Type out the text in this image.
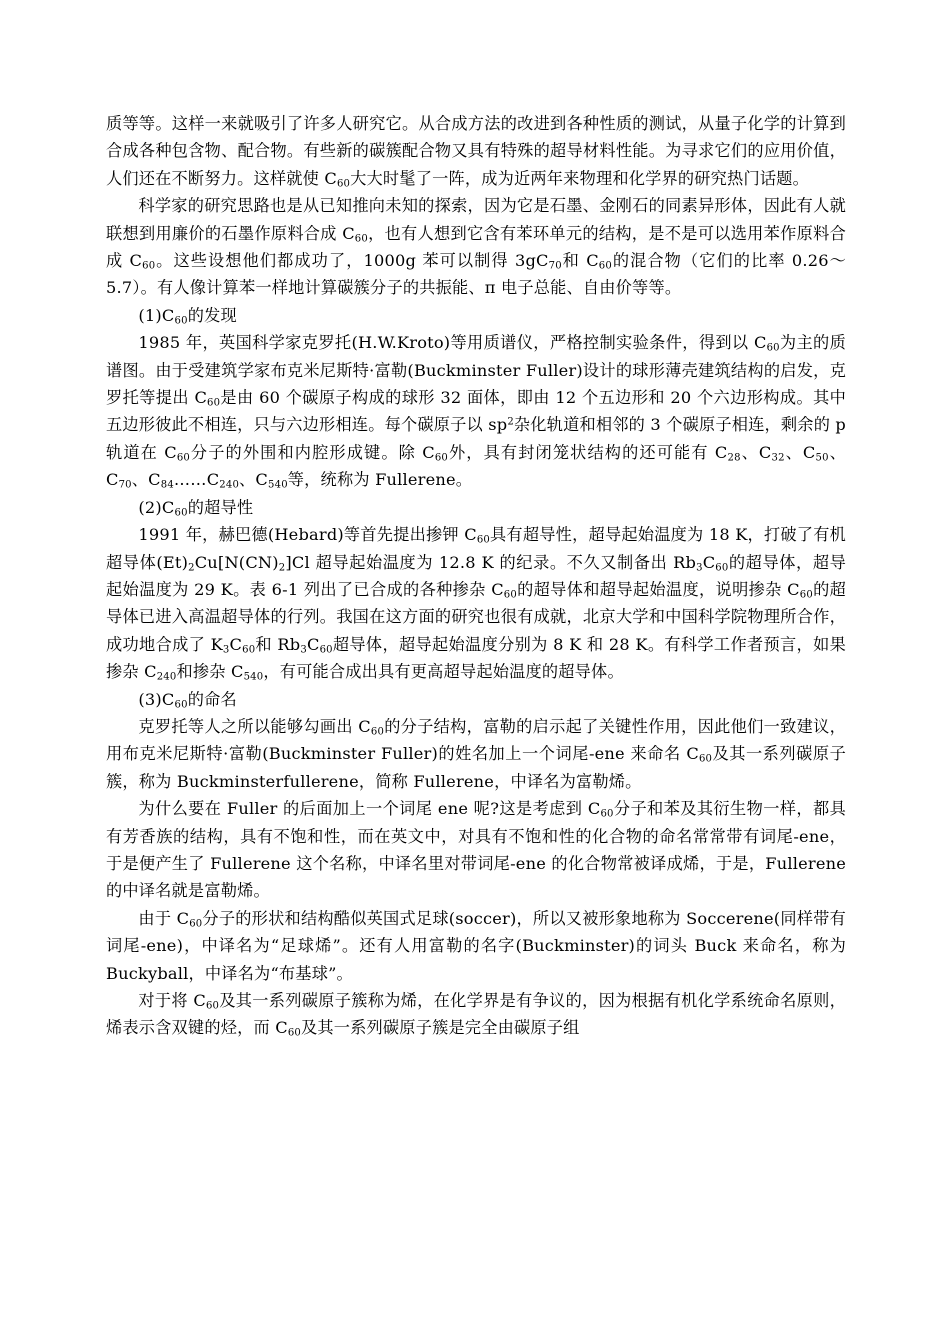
质等等。这样一来就吸引了许多人研究它。从合成方法的改进到各种性质的测试，从量子化学的计算到合成各种包含物、配合物。有些新的碳簇配合物又具有特殊的超导材料性能。为寻求它们的应用价值，人们还在不断努力。这样就使 $C_{60}$大大时髦了一阵，成为近两年来物理和化学界的研究热门话题。

科学家的研究思路也是从已知推向未知的探索，因为它是石墨、金刚石的同素异形体，因此有人就联想到用廉价的石墨作原料合成 $C_{60}$，也有人想到它含有苯环单元的结构，是不是可以选用苯作原料合成 $C_{60}$。这些设想他们都成功了，1000g 苯可以制得 $3gC_{70}$和 $C_{60}$的混合物（它们的比率 0.26～5.7）。有人像计算苯一样地计算碳簇分子的共振能、π 电子总能、自由价等等。

$(1)C_{60}$的发现

1985 年，英国科学家克罗托(H.W.Kroto)等用质谱仪，严格控制实验条件，得到以 $C_{60}$为主的质谱图。由于受建筑学家布克米尼斯特·富勒(Buckminster Fuller)设计的球形薄壳建筑结构的启发，克罗托等提出 $C_{60}$是由 60 个碳原子构成的球形 32 面体，即由 12 个五边形和 20 个六边形构成。其中五边形彼此不相连，只与六边形相连。每个碳原子以 $sp^2$杂化轨道和相邻的 3 个碳原子相连，剩余的 p 轨道在 $C_{60}$分子的外围和内腔形成键。除 $C_{60}$外，具有封闭笼状结构的还可能有 $C_{28}$、$C_{32}$、$C_{50}$、$C_{70}$、$C_{84}\dots\dots C_{240}$、$C_{540}$等，统称为 Fullerene。

$(2)C_{60}$的超导性

1991 年，赫巴德(Hebard)等首先提出掺钾 $C_{60}$具有超导性，超导起始温度为 18 K，打破了有机超导体$(Et)_2Cu[N(CN)_2]Cl$ 超导起始温度为 12.8 K 的纪录。不久又制备出 $Rb_3C_{60}$的超导体，超导起始温度为 29 K。表 6-1 列出了已合成的各种掺杂 $C_{60}$的超导体和超导起始温度，说明掺杂 $C_{60}$的超导体已进入高温超导体的行列。我国在这方面的研究也很有成就，北京大学和中国科学院物理所合作，成功地合成了 $K_3C_{60}$和 $Rb_3C_{60}$超导体，超导起始温度分别为 8 K 和 28 K。有科学工作者预言，如果掺杂 $C_{240}$和掺杂 $C_{540}$，有可能合成出具有更高超导起始温度的超导体。

$(3)C_{60}$的命名

克罗托等人之所以能够勾画出 $C_{60}$的分子结构，富勒的启示起了关键性作用，因此他们一致建议，用布克米尼斯特·富勒(Buckminster Fuller)的姓名加上一个词尾-ene 来命名 $C_{60}$及其一系列碳原子簇，称为 Buckminsterfullerene，简称 Fullerene，中译名为富勒烯。

为什么要在 Fuller 的后面加上一个词尾 ene 呢?这是考虑到 $C_{60}$分子和苯及其衍生物一样，都具有芳香族的结构，具有不饱和性，而在英文中，对具有不饱和性的化合物的命名常常带有词尾-ene，于是便产生了 Fullerene 这个名称，中译名里对带词尾-ene 的化合物常被译成烯，于是，Fullerene 的中译名就是富勒烯。

由于 $C_{60}$分子的形状和结构酷似英国式足球(soccer)，所以又被形象地称为 Soccerene(同样带有词尾-ene)，中译名为“足球烯”。还有人用富勒的名字(Buckminster)的词头 Buck 来命名，称为 Buckyball，中译名为“布基球”。

对于将 $C_{60}$及其一系列碳原子簇称为烯，在化学界是有争议的，因为根据有机化学系统命名原则，烯表示含双键的烃，而 $C_{60}$及其一系列碳原子簇是完全由碳原子组
